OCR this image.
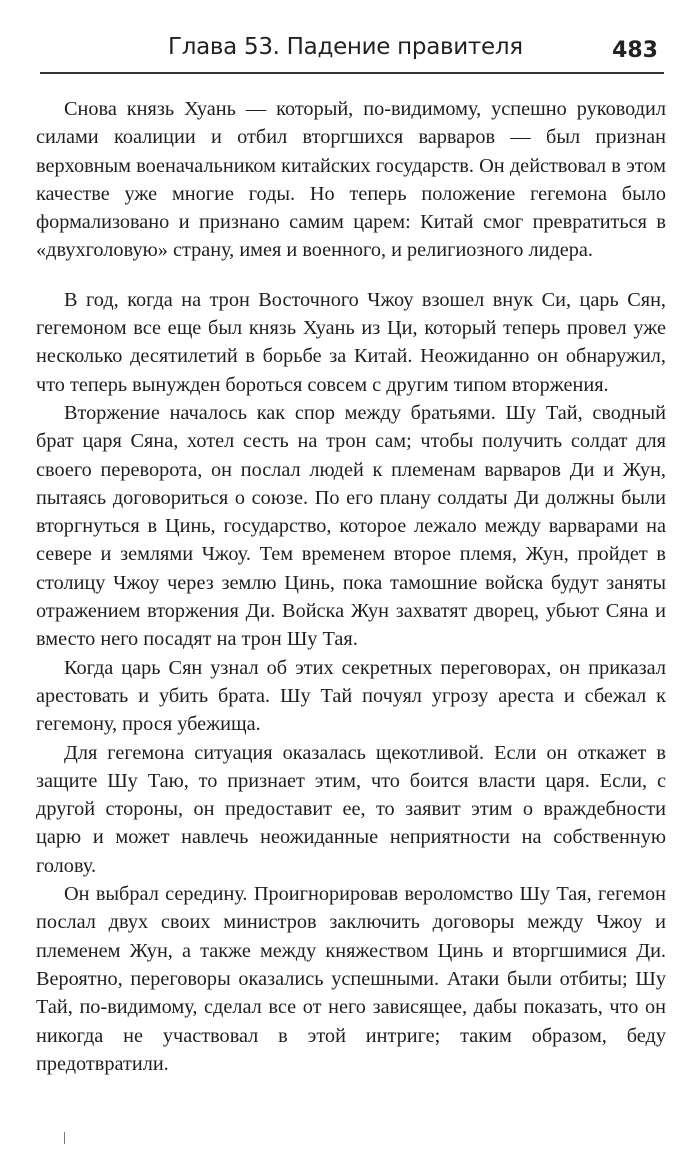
Глава 53. Падение правителя	483

Снова князь Хуань — который, по-видимому, успешно руководил силами коалиции и отбил вторгшихся варваров — был признан верховным военачальником китайских государств. Он действовал в этом качестве уже многие годы. Но теперь положение гегемона было формализовано и признано самим царем: Китай смог превратиться в «двухголовую» страну, имея и военного, и религиозного лидера.

В год, когда на трон Восточного Чжоу взошел внук Си, царь Сян, гегемоном все еще был князь Хуань из Ци, который теперь провел уже несколько десятилетий в борьбе за Китай. Неожиданно он обнаружил, что теперь вынужден бороться совсем с другим типом вторжения.

Вторжение началось как спор между братьями. Шу Тай, сводный брат царя Сяна, хотел сесть на трон сам; чтобы получить солдат для своего переворота, он послал людей к племенам варваров Ди и Жун, пытаясь договориться о союзе. По его плану солдаты Ди должны были вторгнуться в Цинь, государство, которое лежало между варварами на севере и землями Чжоу. Тем временем второе племя, Жун, пройдет в столицу Чжоу через землю Цинь, пока тамошние войска будут заняты отражением вторжения Ди. Войска Жун захватят дворец, убьют Сяна и вместо него посадят на трон Шу Тая.

Когда царь Сян узнал об этих секретных переговорах, он приказал арестовать и убить брата. Шу Тай почуял угрозу ареста и сбежал к гегемону, прося убежища.

Для гегемона ситуация оказалась щекотливой. Если он откажет в защите Шу Таю, то признает этим, что боится власти царя. Если, с другой стороны, он предоставит ее, то заявит этим о враждебности царю и может навлечь неожиданные неприятности на собственную голову.

Он выбрал середину. Проигнорировав вероломство Шу Тая, гегемон послал двух своих министров заключить договоры между Чжоу и племенем Жун, а также между княжеством Цинь и вторгшимися Ди. Вероятно, переговоры оказались успешными. Атаки были отбиты; Шу Тай, по-видимому, сделал все от него зависящее, дабы показать, что он никогда не участвовал в этой интриге; таким образом, беду предотвратили.
